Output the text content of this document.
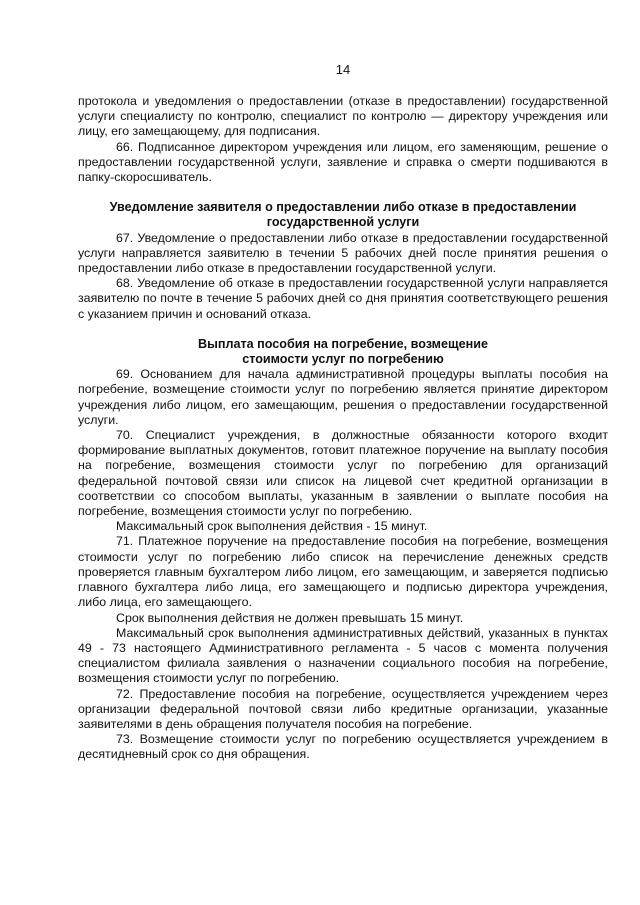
14

протокола и уведомления о предоставлении (отказе в предоставлении) государственной услуги специалисту по контролю, специалист по контролю — директору учреждения или лицу, его замещающему, для подписания.

66. Подписанное директором учреждения или лицом, его заменяющим, решение о предоставлении государственной услуги, заявление и справка о смерти подшиваются в папку-скоросшиватель.

Уведомление заявителя о предоставлении либо отказе в предоставлении государственной услуги

67. Уведомление о предоставлении либо отказе в предоставлении государственной услуги направляется заявителю в течении 5 рабочих дней после принятия решения о предоставлении либо отказе в предоставлении государственной услуги.

68. Уведомление об отказе в предоставлении государственной услуги направляется заявителю по почте в течение 5 рабочих дней со дня принятия соответствующего решения с указанием причин и оснований отказа.

Выплата пособия на погребение, возмещение
стоимости услуг по погребению

69. Основанием для начала административной процедуры выплаты пособия на погребение, возмещение стоимости услуг по погребению является принятие директором учреждения либо лицом, его замещающим, решения о предоставлении государственной услуги.

70. Специалист учреждения, в должностные обязанности которого входит формирование выплатных документов, готовит платежное поручение на выплату пособия на погребение, возмещения стоимости услуг по погребению для организаций федеральной почтовой связи или список на лицевой счет кредитной организации в соответствии со способом выплаты, указанным в заявлении о выплате пособия на погребение, возмещения стоимости услуг по погребению.

Максимальный срок выполнения действия - 15 минут.

71. Платежное поручение на предоставление пособия на погребение, возмещения стоимости услуг по погребению либо список на перечисление денежных средств проверяется главным бухгалтером либо лицом, его замещающим, и заверяется подписью главного бухгалтера либо лица, его замещающего и подписью директора учреждения, либо лица, его замещающего.

Срок выполнения действия не должен превышать 15 минут.

Максимальный срок выполнения административных действий, указанных в пунктах 49 - 73 настоящего Административного регламента - 5 часов с момента получения специалистом филиала заявления о назначении социального пособия на погребение, возмещения стоимости услуг по погребению.

72. Предоставление пособия на погребение, осуществляется учреждением через организации федеральной почтовой связи либо кредитные организации, указанные заявителями в день обращения получателя пособия на погребение.

73. Возмещение стоимости услуг по погребению осуществляется учреждением в десятидневный срок со дня обращения.
